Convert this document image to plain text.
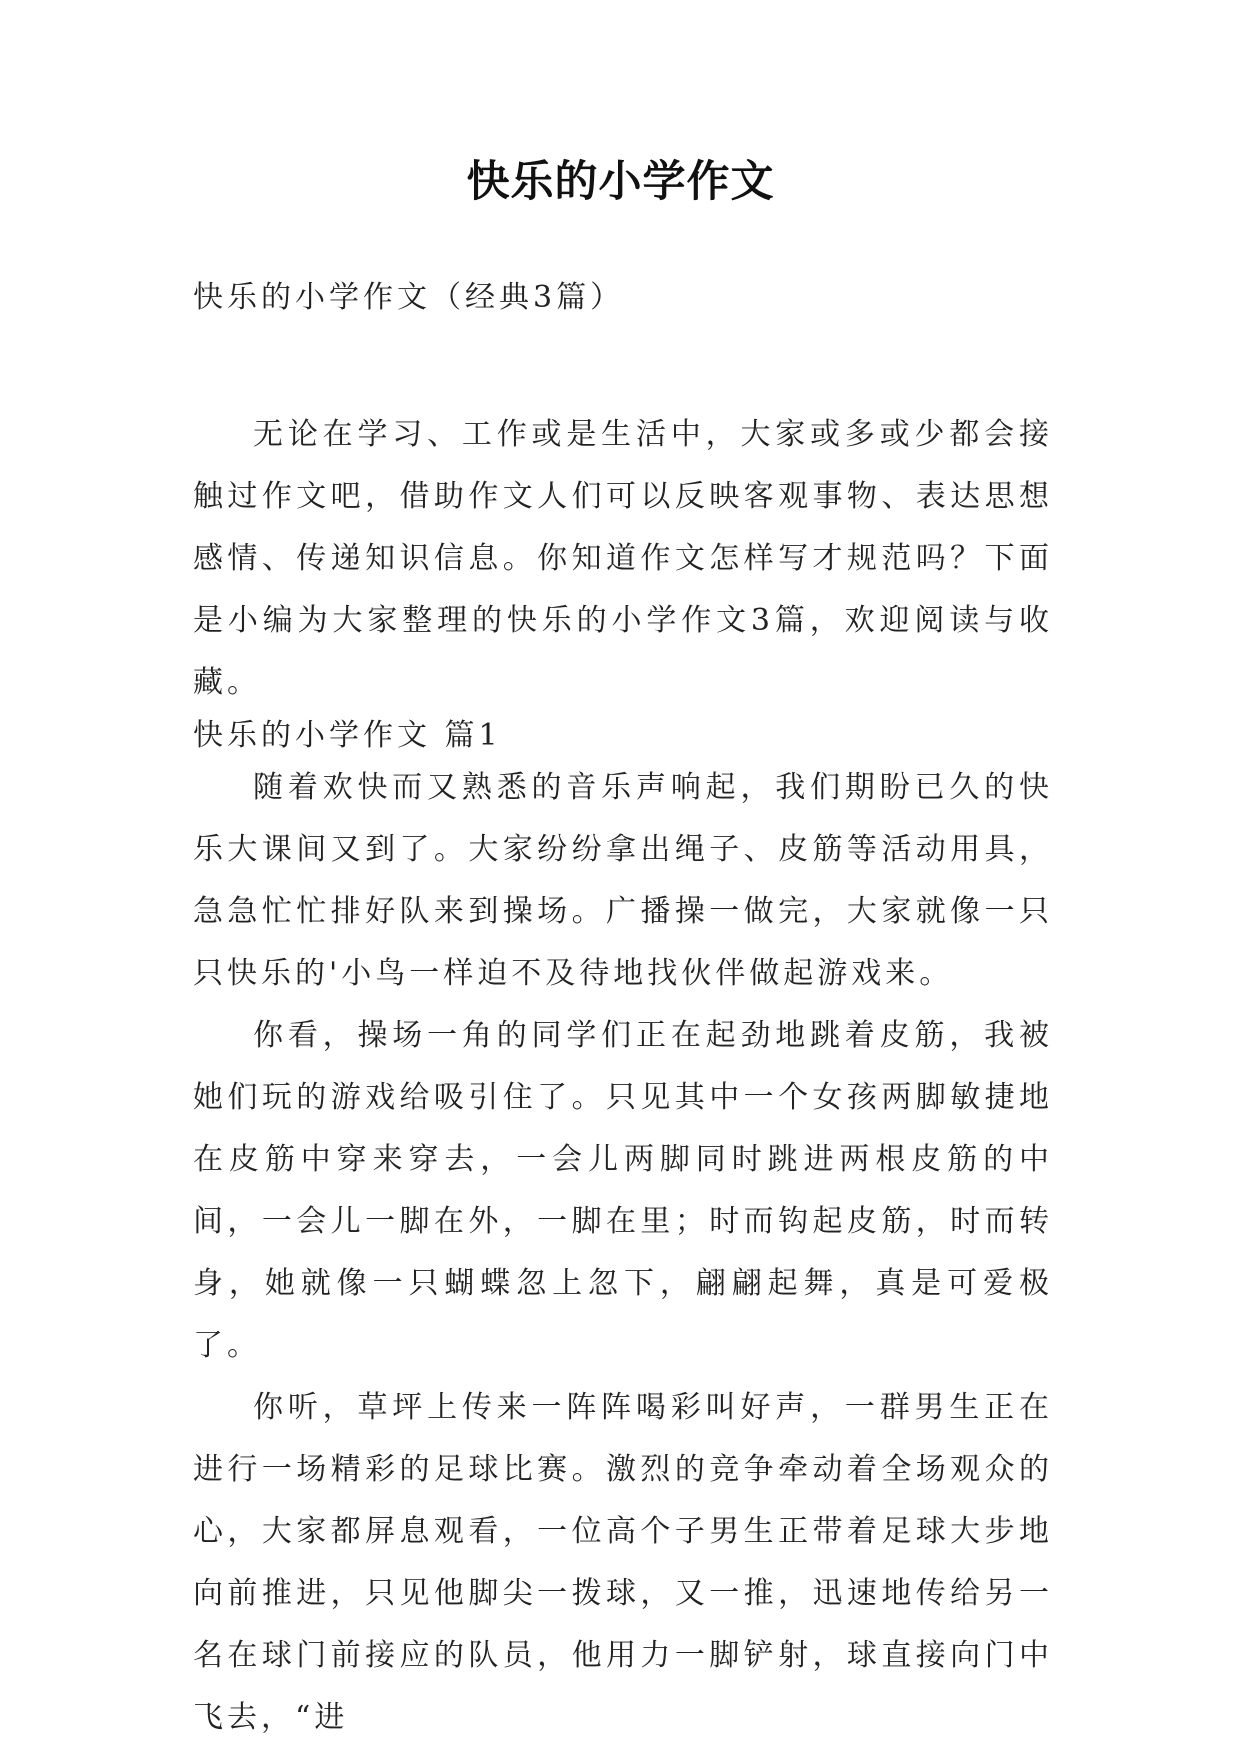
快乐的小学作文
快乐的小学作文（经典3篇）

无论在学习、工作或是生活中，大家或多或少都会接触过作文吧，借助作文人们可以反映客观事物、表达思想感情、传递知识信息。你知道作文怎样写才规范吗？下面是小编为大家整理的快乐的小学作文3篇，欢迎阅读与收藏。

快乐的小学作文 篇1

随着欢快而又熟悉的音乐声响起，我们期盼已久的快乐大课间又到了。大家纷纷拿出绳子、皮筋等活动用具，急急忙忙排好队来到操场。广播操一做完，大家就像一只只快乐的'小鸟一样迫不及待地找伙伴做起游戏来。

你看，操场一角的同学们正在起劲地跳着皮筋，我被她们玩的游戏给吸引住了。只见其中一个女孩两脚敏捷地在皮筋中穿来穿去，一会儿两脚同时跳进两根皮筋的中间，一会儿一脚在外，一脚在里；时而钩起皮筋，时而转身，她就像一只蝴蝶忽上忽下，翩翩起舞，真是可爱极了。

你听，草坪上传来一阵阵喝彩叫好声，一群男生正在进行一场精彩的足球比赛。激烈的竞争牵动着全场观众的心，大家都屏息观看，一位高个子男生正带着足球大步地向前推进，只见他脚尖一拨球，又一推，迅速地传给另一名在球门前接应的队员，他用力一脚铲射，球直接向门中飞去，“进
